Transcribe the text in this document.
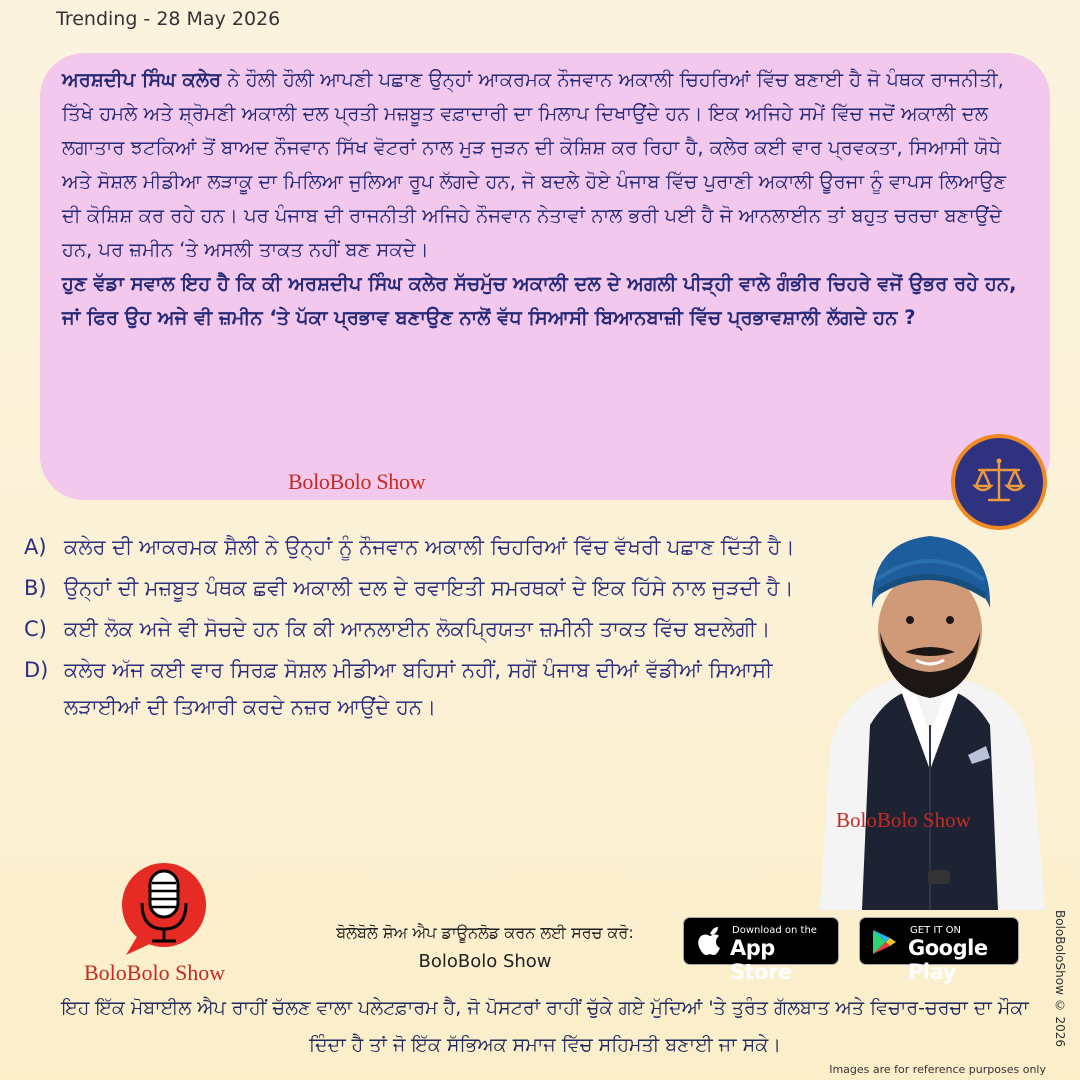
Trending - 28 May 2026
ਅਰਸ਼ਦੀਪ ਸਿੰਘ ਕਲੇਰ ਨੇ ਹੌਲੀ ਹੌਲੀ ਆਪਣੀ ਪਛਾਣ ਉਨ੍ਹਾਂ ਆਕਰਮਕ ਨੌਜਵਾਨ ਅਕਾਲੀ ਚਿਹਰਿਆਂ ਵਿੱਚ ਬਣਾਈ ਹੈ ਜੋ ਪੰਥਕ ਰਾਜਨੀਤੀ, ਤਿੱਖੇ ਹਮਲੇ ਅਤੇ ਸ਼੍ਰੋਮਣੀ ਅਕਾਲੀ ਦਲ ਪ੍ਰਤੀ ਮਜ਼ਬੂਤ ਵਫ਼ਾਦਾਰੀ ਦਾ ਮਿਲਾਪ ਦਿਖਾਉਂਦੇ ਹਨ। ਇਕ ਅਜਿਹੇ ਸਮੇਂ ਵਿੱਚ ਜਦੋਂ ਅਕਾਲੀ ਦਲ ਲਗਾਤਾਰ ਝਟਕਿਆਂ ਤੋਂ ਬਾਅਦ ਨੌਜਵਾਨ ਸਿੱਖ ਵੋਟਰਾਂ ਨਾਲ ਮੁੜ ਜੁੜਨ ਦੀ ਕੋਸ਼ਿਸ਼ ਕਰ ਰਿਹਾ ਹੈ, ਕਲੇਰ ਕਈ ਵਾਰ ਪ੍ਰਵਕਤਾ, ਸਿਆਸੀ ਯੋਧੇ ਅਤੇ ਸੋਸ਼ਲ ਮੀਡੀਆ ਲੜਾਕੂ ਦਾ ਮਿਲਿਆ ਜੁਲਿਆ ਰੂਪ ਲੱਗਦੇ ਹਨ, ਜੋ ਬਦਲੇ ਹੋਏ ਪੰਜਾਬ ਵਿੱਚ ਪੁਰਾਣੀ ਅਕਾਲੀ ਊਰਜਾ ਨੂੰ ਵਾਪਸ ਲਿਆਉਣ ਦੀ ਕੋਸ਼ਿਸ਼ ਕਰ ਰਹੇ ਹਨ। ਪਰ ਪੰਜਾਬ ਦੀ ਰਾਜਨੀਤੀ ਅਜਿਹੇ ਨੌਜਵਾਨ ਨੇਤਾਵਾਂ ਨਾਲ ਭਰੀ ਪਈ ਹੈ ਜੋ ਆਨਲਾਈਨ ਤਾਂ ਬਹੁਤ ਚਰਚਾ ਬਣਾਉਂਦੇ ਹਨ, ਪਰ ਜ਼ਮੀਨ ‘ਤੇ ਅਸਲੀ ਤਾਕਤ ਨਹੀਂ ਬਣ ਸਕਦੇ।
ਹੁਣ ਵੱਡਾ ਸਵਾਲ ਇਹ ਹੈ ਕਿ ਕੀ ਅਰਸ਼ਦੀਪ ਸਿੰਘ ਕਲੇਰ ਸੱਚਮੁੱਚ ਅਕਾਲੀ ਦਲ ਦੇ ਅਗਲੀ ਪੀੜ੍ਹੀ ਵਾਲੇ ਗੰਭੀਰ ਚਿਹਰੇ ਵਜੋਂ ਉਭਰ ਰਹੇ ਹਨ, ਜਾਂ ਫਿਰ ਉਹ ਅਜੇ ਵੀ ਜ਼ਮੀਨ ‘ਤੇ ਪੱਕਾ ਪ੍ਰਭਾਵ ਬਣਾਉਣ ਨਾਲੋਂ ਵੱਧ ਸਿਆਸੀ ਬਿਆਨਬਾਜ਼ੀ ਵਿੱਚ ਪ੍ਰਭਾਵਸ਼ਾਲੀ ਲੱਗਦੇ ਹਨ ?
BoloBolo Show
A) ਕਲੇਰ ਦੀ ਆਕਰਮਕ ਸ਼ੈਲੀ ਨੇ ਉਨ੍ਹਾਂ ਨੂੰ ਨੌਜਵਾਨ ਅਕਾਲੀ ਚਿਹਰਿਆਂ ਵਿੱਚ ਵੱਖਰੀ ਪਛਾਣ ਦਿੱਤੀ ਹੈ।
B) ਉਨ੍ਹਾਂ ਦੀ ਮਜ਼ਬੂਤ ਪੰਥਕ ਛਵੀ ਅਕਾਲੀ ਦਲ ਦੇ ਰਵਾਇਤੀ ਸਮਰਥਕਾਂ ਦੇ ਇਕ ਹਿੱਸੇ ਨਾਲ ਜੁੜਦੀ ਹੈ।
C) ਕਈ ਲੋਕ ਅਜੇ ਵੀ ਸੋਚਦੇ ਹਨ ਕਿ ਕੀ ਆਨਲਾਈਨ ਲੋਕਪ੍ਰਿਯਤਾ ਜ਼ਮੀਨੀ ਤਾਕਤ ਵਿੱਚ ਬਦਲੇਗੀ।
D) ਕਲੇਰ ਅੱਜ ਕਈ ਵਾਰ ਸਿਰਫ਼ ਸੋਸ਼ਲ ਮੀਡੀਆ ਬਹਿਸਾਂ ਨਹੀਂ, ਸਗੋਂ ਪੰਜਾਬ ਦੀਆਂ ਵੱਡੀਆਂ ਸਿਆਸੀ ਲੜਾਈਆਂ ਦੀ ਤਿਆਰੀ ਕਰਦੇ ਨਜ਼ਰ ਆਉਂਦੇ ਹਨ।
BoloBolo Show
BoloBolo Show
ਬੋਲੋਬੋਲੋ ਸ਼ੋਅ ਐਪ ਡਾਊਨਲੋਡ ਕਰਨ ਲਈ ਸਰਚ ਕਰੋ:
BoloBolo Show
Download on the
App Store
GET IT ON
Google Play
ਇਹ ਇੱਕ ਮੋਬਾਈਲ ਐਪ ਰਾਹੀਂ ਚੱਲਣ ਵਾਲਾ ਪਲੇਟਫ਼ਾਰਮ ਹੈ, ਜੋ ਪੋਸਟਰਾਂ ਰਾਹੀਂ ਚੁੱਕੇ ਗਏ ਮੁੱਦਿਆਂ 'ਤੇ ਤੁਰੰਤ ਗੱਲਬਾਤ ਅਤੇ ਵਿਚਾਰ-ਚਰਚਾ ਦਾ ਮੌਕਾ ਦਿੰਦਾ ਹੈ ਤਾਂ ਜੋ ਇੱਕ ਸੱਭਿਅਕ ਸਮਾਜ ਵਿੱਚ ਸਹਿਮਤੀ ਬਣਾਈ ਜਾ ਸਕੇ।
Images are for reference purposes only
BoloBoloShow © 2026
